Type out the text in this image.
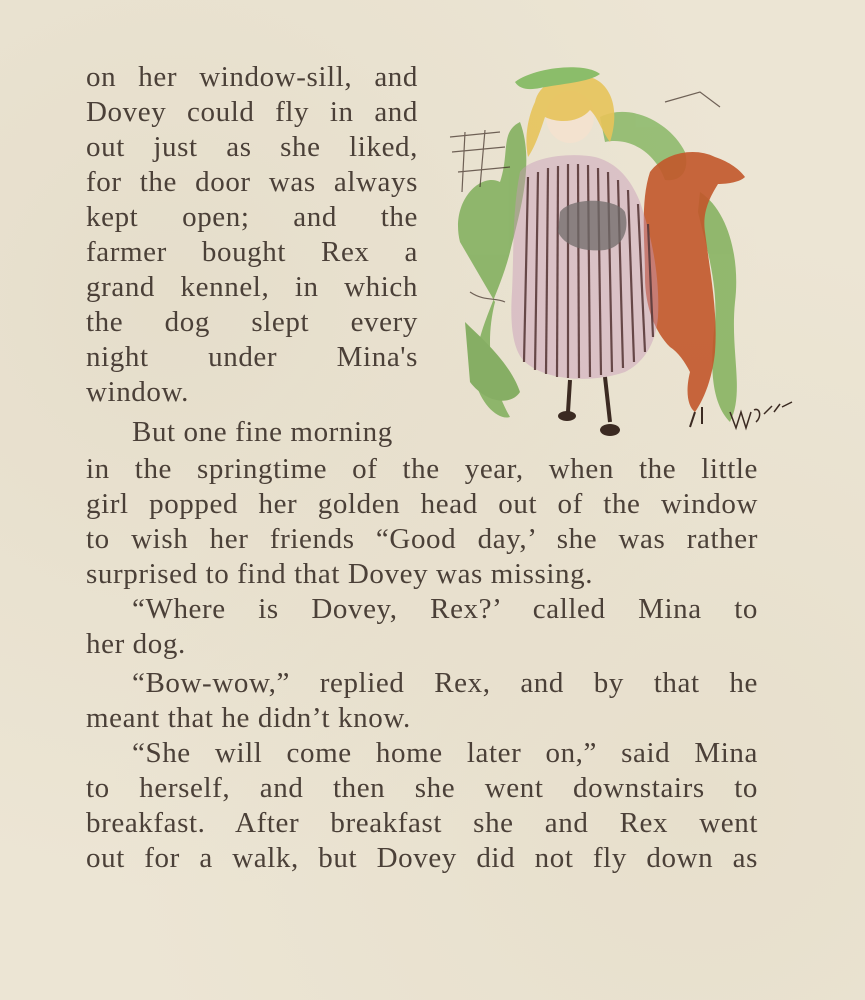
on her window-sill, and
Dovey could fly in and
out just as she liked,
for the door was always
kept open; and the
farmer bought Rex a
grand kennel, in which
the dog slept every
night under Mina's
window.
But one fine morning
in the springtime of the year, when the little
girl popped her golden head out of the window
to wish her friends “Good day,’ she was rather
surprised to find that Dovey was missing.
“Where is Dovey, Rex?’ called Mina to
her dog.
“Bow-wow,” replied Rex, and by that he
meant that he didn’t know.
“She will come home later on,” said Mina
to herself, and then she went downstairs to
breakfast. After breakfast she and Rex went
out for a walk, but Dovey did not fly down as
